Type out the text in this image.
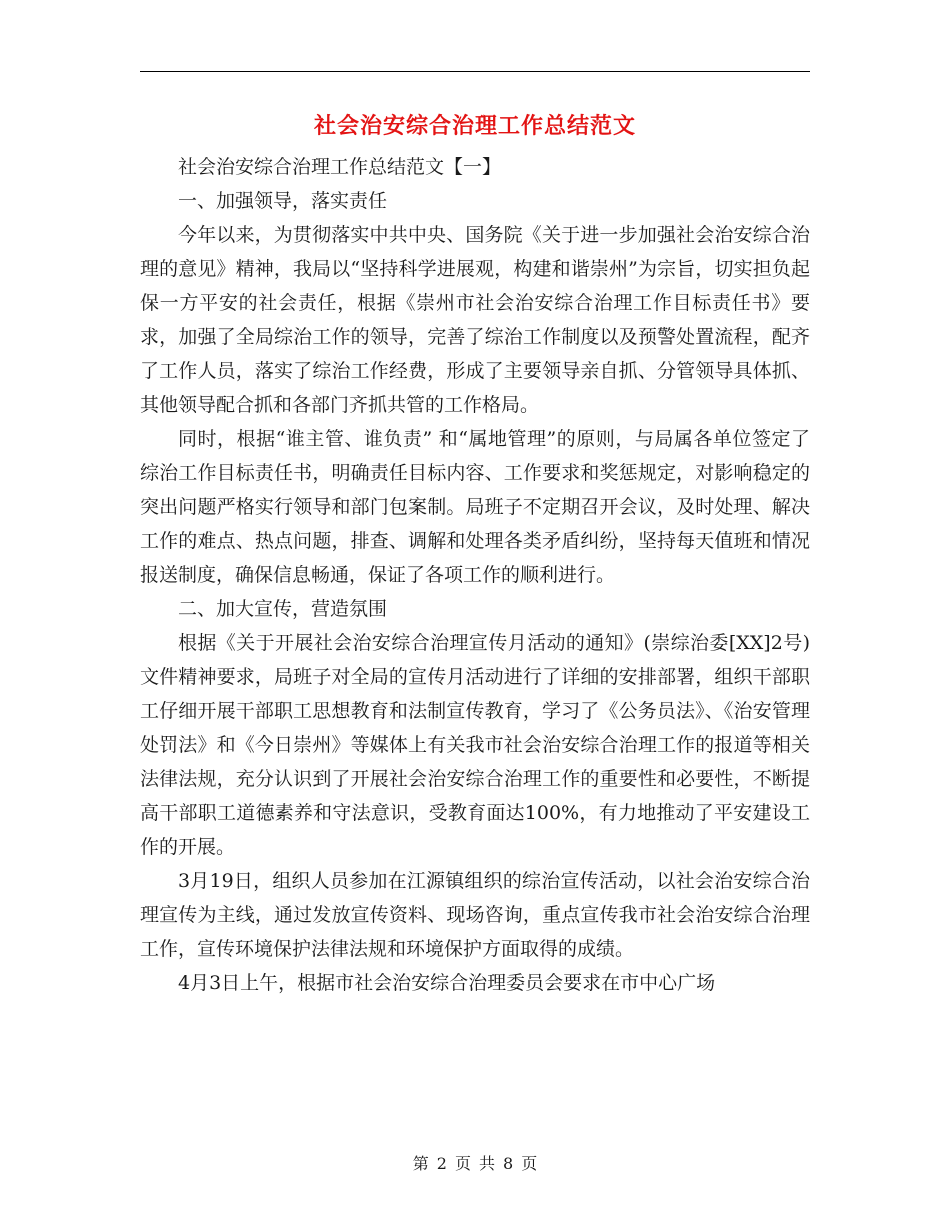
社会治安综合治理工作总结范文

社会治安综合治理工作总结范文【一】

一、加强领导，落实责任

今年以来，为贯彻落实中共中央、国务院《关于进一步加强社会治安综合治理的意见》精神，我局以“坚持科学进展观，构建和谐崇州”为宗旨，切实担负起保一方平安的社会责任，根据《崇州市社会治安综合治理工作目标责任书》要求，加强了全局综治工作的领导，完善了综治工作制度以及预警处置流程，配齐了工作人员，落实了综治工作经费，形成了主要领导亲自抓、分管领导具体抓、其他领导配合抓和各部门齐抓共管的工作格局。

同时，根据“谁主管、谁负责” 和“属地管理”的原则，与局属各单位签定了综治工作目标责任书，明确责任目标内容、工作要求和奖惩规定，对影响稳定的突出问题严格实行领导和部门包案制。局班子不定期召开会议，及时处理、解决工作的难点、热点问题，排查、调解和处理各类矛盾纠纷，坚持每天值班和情况报送制度，确保信息畅通，保证了各项工作的顺利进行。

二、加大宣传，营造氛围

根据《关于开展社会治安综合治理宣传月活动的通知》(崇综治委[XX]2号) 文件精神要求，局班子对全局的宣传月活动进行了详细的安排部署，组织干部职工仔细开展干部职工思想教育和法制宣传教育，学习了《公务员法》、《治安管理处罚法》和《今日崇州》等媒体上有关我市社会治安综合治理工作的报道等相关法律法规，充分认识到了开展社会治安综合治理工作的重要性和必要性，不断提高干部职工道德素养和守法意识，受教育面达100%，有力地推动了平安建设工作的开展。

3月19日，组织人员参加在江源镇组织的综治宣传活动，以社会治安综合治理宣传为主线，通过发放宣传资料、现场咨询，重点宣传我市社会治安综合治理工作，宣传环境保护法律法规和环境保护方面取得的成绩。

4月3日上午，根据市社会治安综合治理委员会要求在市中心广场

第 2 页 共 8 页
